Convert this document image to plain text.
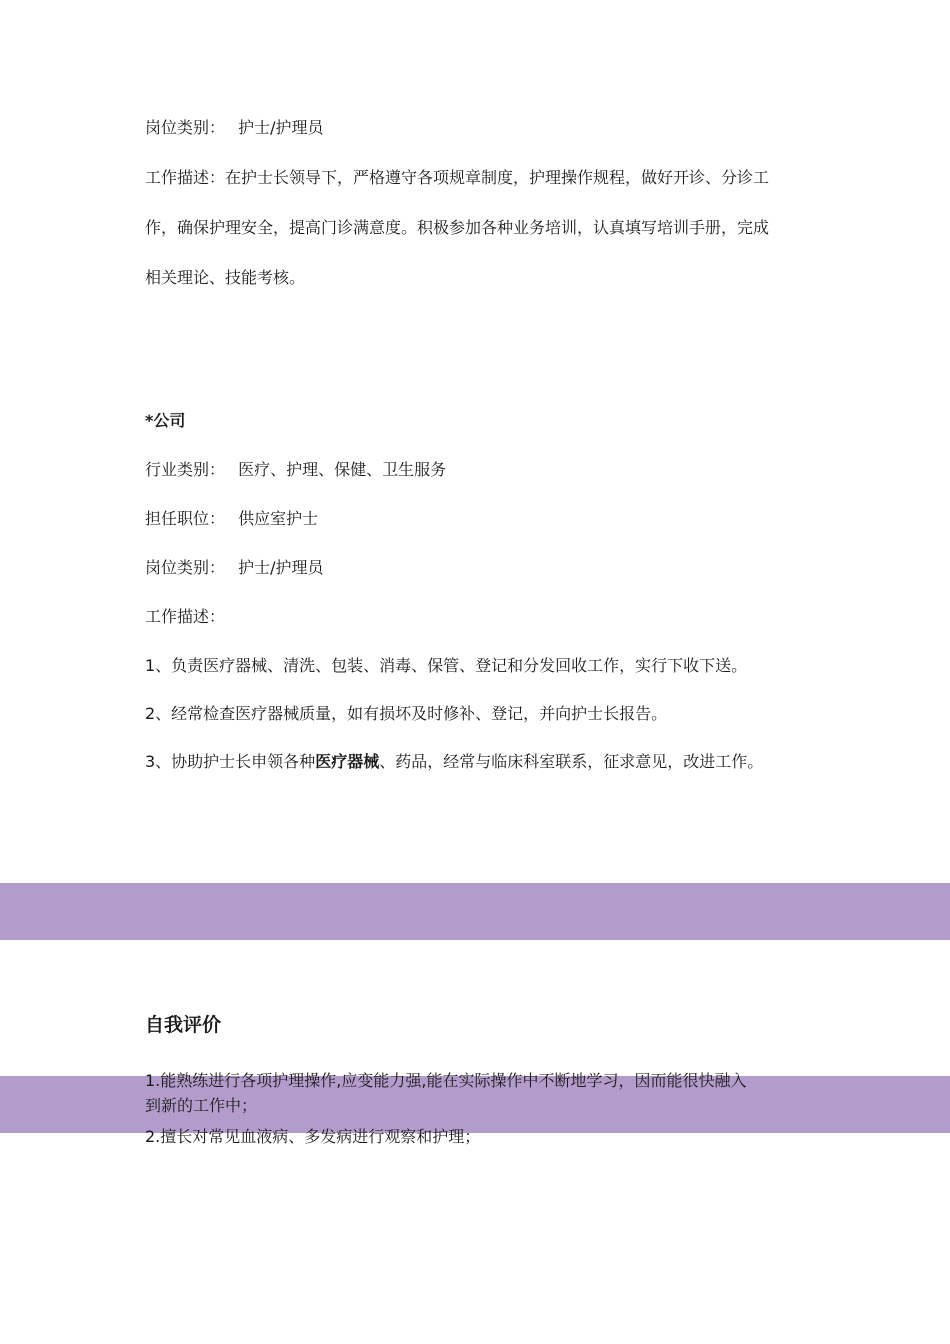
岗位类别： 护士/护理员
工作描述：在护士长领导下，严格遵守各项规章制度，护理操作规程，做好开诊、分诊工
作，确保护理安全，提高门诊满意度。积极参加各种业务培训，认真填写培训手册，完成
相关理论、技能考核。
*公司
行业类别： 医疗、护理、保健、卫生服务
担任职位： 供应室护士
岗位类别： 护士/护理员
工作描述：
1、负责医疗器械、清洗、包装、消毒、保管、登记和分发回收工作，实行下收下送。
2、经常检查医疗器械质量，如有损坏及时修补、登记，并向护士长报告。
3、协助护士长申领各种医疗器械、药品，经常与临床科室联系，征求意见，改进工作。
自我评价
1.能熟练进行各项护理操作,应变能力强,能在实际操作中不断地学习，因而能很快融入
到新的工作中；
2.擅长对常见血液病、多发病进行观察和护理；
